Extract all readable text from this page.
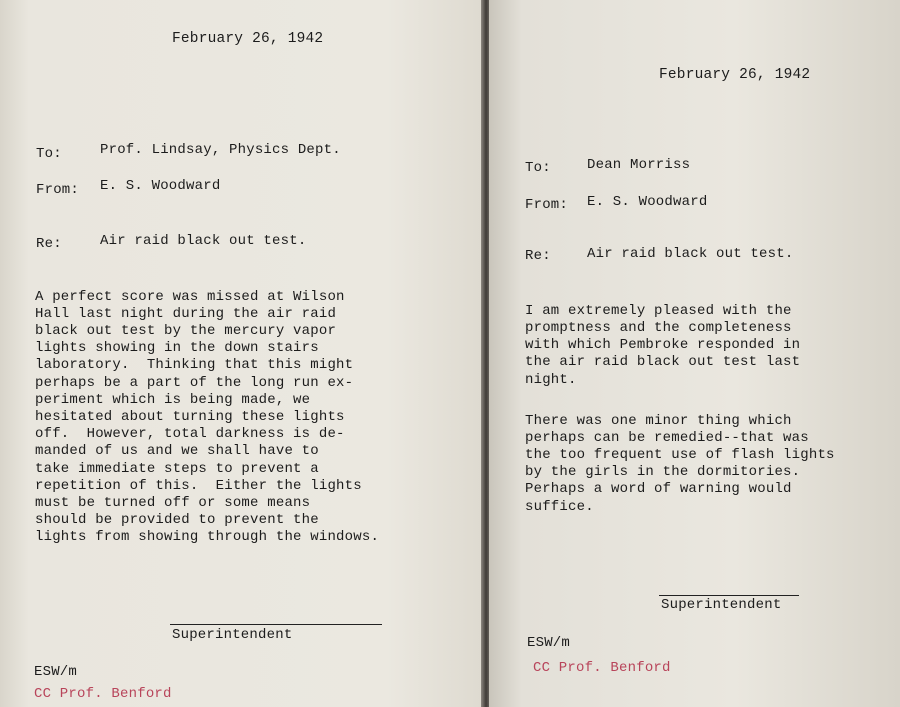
February 26, 1942
To:	Prof. Lindsay, Physics Dept.
From: E. S. Woodward
Re:	Air raid black out test.
A perfect score was missed at Wilson
Hall last night during the air raid
black out test by the mercury vapor
lights showing in the down stairs
laboratory.  Thinking that this might
perhaps be a part of the long run ex-
periment which is being made, we
hesitated about turning these lights
off.  However, total darkness is de-
manded of us and we shall have to
take immediate steps to prevent a
repetition of this.  Either the lights
must be turned off or some means
should be provided to prevent the
lights from showing through the windows.
Superintendent
ESW/m
CC Prof. Benford
February 26, 1942
To:	Dean Morriss
From: E. S. Woodward
Re:	Air raid black out test.
I am extremely pleased with the
promptness and the completeness
with which Pembroke responded in
the air raid black out test last
night.
There was one minor thing which
perhaps can be remedied--that was
the too frequent use of flash lights
by the girls in the dormitories.
Perhaps a word of warning would
suffice.
Superintendent
ESW/m
CC Prof. Benford
